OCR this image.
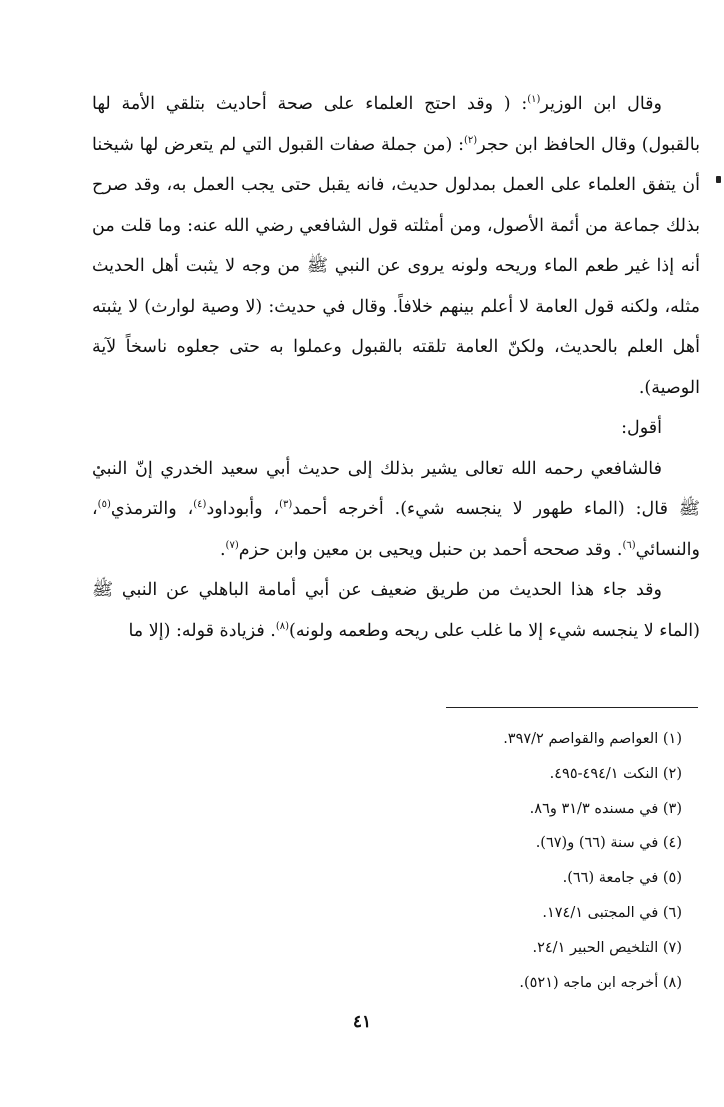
وقال ابن الوزير$^{(١)}$: ( وقد احتج العلماء على صحة أحاديث بتلقي الأمة لها بالقبول) وقال الحافظ ابن حجر$^{(٢)}$: (من جملة صفات القبول التي لم يتعرض لها شيخنا أن يتفق العلماء على العمل بمدلول حديث، فانه يقبل حتى يجب العمل به، وقد صرح بذلك جماعة من أئمة الأصول، ومن أمثلته قول الشافعي رضي الله عنه: وما قلت من أنه إذا غير طعم الماء وريحه ولونه يروى عن النبي ﷺ من وجه لا يثبت أهل الحديث مثله، ولكنه قول العامة لا أعلم بينهم خلافاً. وقال في حديث: (لا وصية لوارث) لا يثبته أهل العلم بالحديث، ولكنّ العامة تلقته بالقبول وعملوا به حتى جعلوه ناسخاً لآية الوصية).

أقول:

فالشافعي رحمه الله تعالى يشير بذلك إلى حديث أبي سعيد الخدري إنّ النبي ﷺ قال: (الماء طهور لا ينجسه شيء). أخرجه أحمد$^{(٣)}$، وأبوداود$^{(٤)}$، والترمذي$^{(٥)}$، والنسائي$^{(٦)}$. وقد صححه أحمد بن حنبل ويحيى بن معين وابن حزم$^{(٧)}$.

وقد جاء هذا الحديث من طريق ضعيف عن أبي أمامة الباهلي عن النبي ﷺ (الماء لا ينجسه شيء إلا ما غلب على ريحه وطعمه ولونه)$^{(٨)}$. فزيادة قوله: (إلا ما

(١) العواصم والقواصم ٣٩٧/٢.
(٢) النكت ٤٩٤/١-٤٩٥.
(٣) في مسنده ٣١/٣ و٨٦.
(٤) في سنة (٦٦) و(٦٧).
(٥) في جامعة (٦٦).
(٦) في المجتبى ١٧٤/١.
(٧) التلخيص الحبير ٢٤/١.
(٨) أخرجه ابن ماجه (٥٢١).
٤١
